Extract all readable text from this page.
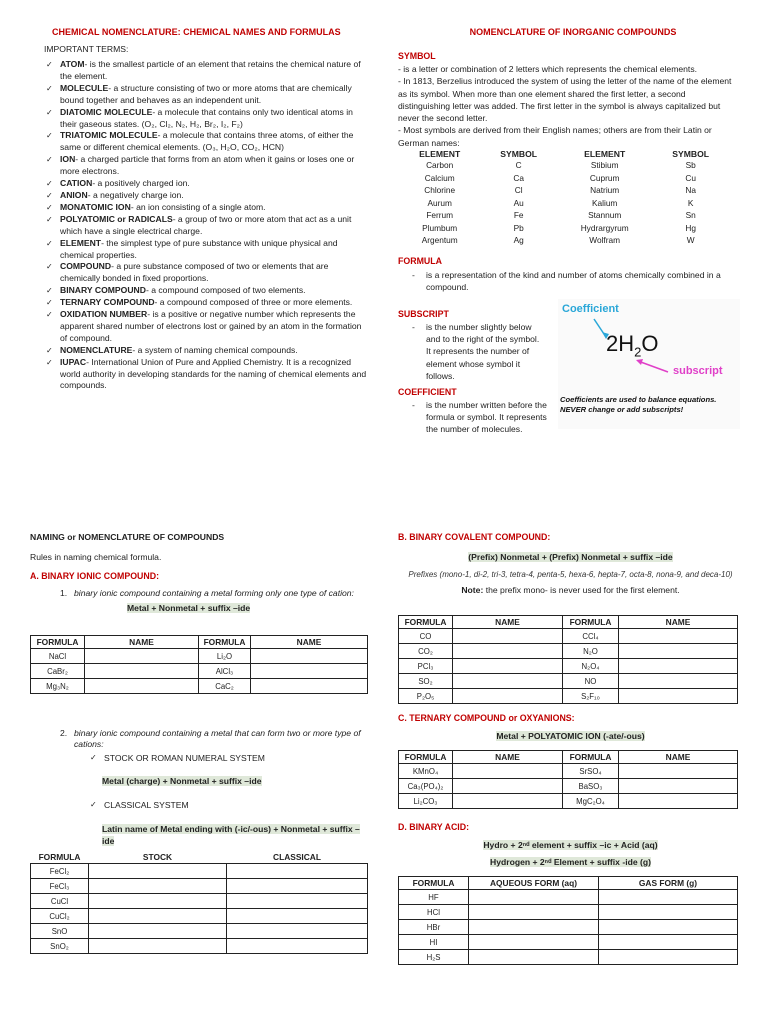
CHEMICAL NOMENCLATURE: CHEMICAL NAMES AND FORMULAS
IMPORTANT TERMS:
✓ ATOM- is the smallest particle of an element that retains the chemical nature of the element.
✓ MOLECULE- a structure consisting of two or more atoms that are chemically bound together and behaves as an independent unit.
✓ DIATOMIC MOLECULE- a molecule that contains only two identical atoms in their gaseous states. (O₂, Cl₂, N₂, H₂, Br₂, I₂, F₂)
✓ TRIATOMIC MOLECULE- a molecule that contains three atoms, of either the same or different chemical elements. (O₃, H₂O, CO₂, HCN)
✓ ION- a charged particle that forms from an atom when it gains or loses one or more electrons.
✓ CATION- a positively charged ion.
✓ ANION- a negatively charge ion.
✓ MONATOMIC ION- an ion consisting of a single atom.
✓ POLYATOMIC or RADICALS- a group of two or more atom that act as a unit which have a single electrical charge.
✓ ELEMENT- the simplest type of pure substance with unique physical and chemical properties.
✓ COMPOUND- a pure substance composed of two or elements that are chemically bonded in fixed proportions.
✓ BINARY COMPOUND- a compound composed of two elements.
✓ TERNARY COMPOUND- a compound composed of three or more elements.
✓ OXIDATION NUMBER- is a positive or negative number which represents the apparent shared number of electrons lost or gained by an atom in the formation of compound.
✓ NOMENCLATURE- a system of naming chemical compounds.
✓ IUPAC- International Union of Pure and Applied Chemistry. It is a recognized world authority in developing standards for the naming of chemical elements and compounds.
NOMENCLATURE OF INORGANIC COMPOUNDS
SYMBOL
- is a letter or combination of 2 letters which represents the chemical elements.
- In 1813, Berzelius introduced the system of using the letter of the name of the element as its symbol. When more than one element shared the first letter, a second distinguishing letter was added. The first letter in the symbol is always capitalized but never the second letter.
- Most symbols are derived from their English names; others are from their Latin or German names:
ELEMENT	SYMBOL	ELEMENT	SYMBOL
Carbon	C	Stibium	Sb
Calcium	Ca	Cuprum	Cu
Chlorine	Cl	Natrium	Na
Aurum	Au	Kalium	K
Ferrum	Fe	Stannum	Sn
Plumbum	Pb	Hydrargyrum	Hg
Argentum	Ag	Wolfram	W
FORMULA
- is a representation of the kind and number of atoms chemically combined in a compound.
SUBSCRIPT
- is the number slightly below and to the right of the symbol. It represents the number of element whose symbol it follows.
COEFFICIENT
- is the number written before the formula or symbol. It represents the number of molecules.
Coefficient
$2H_2O$
subscript
Coefficients are used to balance equations.
NEVER change or add subscripts!
NAMING or NOMENCLATURE OF COMPOUNDS
Rules in naming chemical formula.
A. BINARY IONIC COMPOUND:
1. binary ionic compound containing a metal forming only one type of cation:
Metal + Nonmetal + suffix –ide
FORMULA	NAME	FORMULA	NAME
NaCl		Li₂O	
CaBr₂		AlCl₃	
Mg₃N₂		CaC₂	
2. binary ionic compound containing a metal that can form two or more type of cations:
✓ STOCK OR ROMAN NUMERAL SYSTEM
Metal (charge) + Nonmetal + suffix –ide
✓ CLASSICAL SYSTEM
Latin name of Metal ending with (-ic/-ous) + Nonmetal + suffix –ide
FORMULA	STOCK	CLASSICAL
FeCl₂		
FeCl₃		
CuCl		
CuCl₂		
SnO		
SnO₂		
B. BINARY COVALENT COMPOUND:
(Prefix) Nonmetal + (Prefix) Nonmetal + suffix –ide
Prefixes (mono-1, di-2, tri-3, tetra-4, penta-5, hexa-6, hepta-7, octa-8, nona-9, and deca-10)
Note: the prefix mono- is never used for the first element.
FORMULA	NAME	FORMULA	NAME
CO		CCl₄	
CO₂		N₂O	
PCl₃		N₂O₄	
SO₂		NO	
P₂O₅		S₂F₁₀	
C. TERNARY COMPOUND or OXYANIONS:
Metal + POLYATOMIC ION (-ate/-ous)
FORMULA	NAME	FORMULA	NAME
KMnO₄		SrSO₄	
Ca₃(PO₄)₂		BaSO₃	
Li₂CO₃		MgC₂O₄	
D. BINARY ACID:
Hydro + 2ⁿᵈ element + suffix –ic + Acid (aq)
Hydrogen + 2ⁿᵈ Element + suffix -ide (g)
FORMULA	AQUEOUS FORM (aq)	GAS FORM (g)
HF		
HCl		
HBr		
HI		
H₂S		
